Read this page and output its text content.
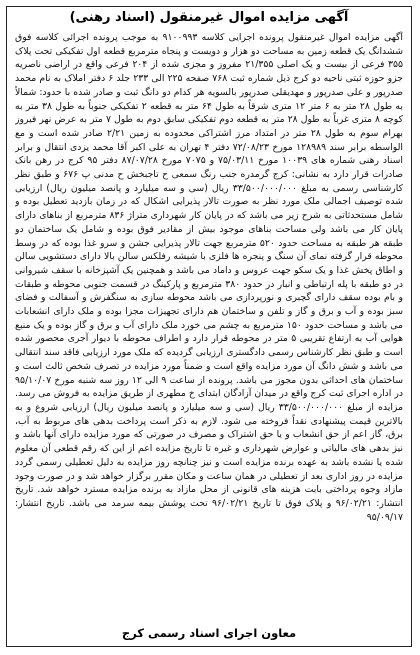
آگهی مزایده اموال غیرمنقول (اسناد رهنی)
آگهی مزایده اموال غیرمنقول پرونده اجرایی کلاسه ۹۱۰۰۹۹۳ به موجب پرونده اجرائی کلاسه فوق ششدانگ یک قطعه زمین به مساحت دو هزار و دویست و پنجاه مترمربع قطعه اول تفکیکی تحت پلاک ۳۵۵ فرعی از بیست و یک اصلی ۲۱/۳۵۵ مفروز و مجزی شده از ۲۰۴ فرعی واقع در اراضی ناصریه جزو حوزه ثبتی ناحیه دو کرج ذیل شماره ثبت ۷۶۸ صفحه ۲۲۵ الی ۲۳۳ جلد ۶ دفتر املاک به نام محمد صدرپور و علی صدرپور و مهدیقلی صدرپور بالسویه هر کدام دو دانگ ثبت و صادر شده با حدود: شمالاً به طول ۲۸ متر به ۶ متر ۱۲ متری شرقاً به طول ۶۴ متر به قطعه ۲ تفکیکی جنوباً به طول ۳۸ متر به کوچه ۸ متری غرباً به طول ۲۸ متر به قطعه دوم تفکیکی سابق دوم به طول ۷ متر به عرض نهر فیروز بهرام سوم به طول ۲۸ متر در امتداد مرز اشتراکی محدوده به زمین ۲/۲۱ صادر شده است و مع الواسطه برابر سند ۱۲۸۹۸۹ مورخ ۷۲/۰۸/۲۳ دفتر ۴ تهران به علی اکبر آقا محمد یزدی انتقال و برابر اسناد رهنی شماره های ۱۰۰۳۹ مورخ ۷۵/۰۳/۱۱ و ۷۰۷۵ مورخ ۸۷/۰۷/۲۸ دفتر ۹۵ کرج در رهن بانک صادرات قرار دارد به نشانی: کرج گرمدره جنب رنگ سمعی ح تاجبخش ح مدنی پ ۶۷۶ و طبق نظر کارشناسی رسمی به مبلغ ۳۳/۵۰۰/۰۰۰/۰۰۰ ریال (سی و سه میلیارد و پانصد میلیون ریال) ارزیابی شده توصیف اجمالی ملک مورد نظر به صورت تالار پذیرایی اشکال که در زمان بازدید تعطیل بوده و شامل مستحدثاتی به شرح زیر می باشد که در پایان کار شهرداری متراژ ۸۳۶ مترمربع از بناهای دارای پایان کار می باشد ولی مساحت بناهای موجود بیش از مقادیر فوق بوده و شامل یک ساختمان دو طبقه هر طبقه به مساحت حدود ۵۲۰ مترمربع جهت تالار پذیرایی جشن و سرو غذا بوده که در وسط محوطه قرار گرفته نمای آن سنگ و پنجره ها فلزی با شیشه رفلکس سالن بالا دارای دستشویی سالن و اطاق پخش غذا و یک سکو جهت عروس و داماد می باشد و همچنین یک آشپزخانه با سقف شیروانی در دو طبقه با پله ارتباطی و انبار در حدود ۳۸۰ مترمربع و پارکینگ در قسمت جنوبی محوطه و طبقات و بام بوده سقف دارای گچبری و نورپردازی می باشد محوطه سازی به سنگفرش و آسفالت و فضای سبز بوده و آب و برق و گاز و تلفن و ساختمان هم دارای تجهیزات مجزا بوده و ملک دارای انشعابات می باشد و مساحت حدود ۱۵۰ مترمربع به چشم می خورد ملک دارای آب و برق و گاز بوده و یک منبع هوایی آب به ارتفاع تقریبی ۵ متر در محوطه قرار دارد و اطراف محوطه با دیوار آجری محصور شده است و طبق نظر کارشناس رسمی دادگستری ارزیابی گردیده که ملک مورد ارزیابی فاقد سند انتقالی می باشد و شش دانگ آن مورد مزایده واقع است و ضمناً مورد مزایده در تصرف شخص ثالث است و ساختمان های احداثی بدون مجوز می باشد. پرونده از ساعت ۹ الی ۱۲ روز سه شنبه مورخ ۹۵/۱۰/۰۷ در اداره اجرای ثبت کرج واقع در میدان آزادگان ابتدای خ مطهری از طریق مزایده به فروش می رسد. مزایده از مبلغ ۳۳/۵۰۰/۰۰۰/۰۰۰ ریال (سی و سه میلیارد و پانصد میلیون ریال) ارزیابی شروع و به بالاترین قیمت پیشنهادی نقداً فروخته می شود. لازم به ذکر است پرداخت بدهی های مربوط به آب، برق، گاز اعم از حق انشعاب و یا حق اشتراک و مصرف در صورتی که مورد مزایده دارای آنها باشد و نیز بدهی های مالیاتی و عوارض شهرداری و غیره تا تاریخ مزایده اعم از این که رقم قطعی آن معلوم شده یا نشده باشد به عهده برنده مزایده است و نیز چنانچه روز مزایده به دلیل تعطیلی رسمی گردد مزایده در روز اداری بعد از تعطیلی در همان ساعت و مکان مقرر برگزار خواهد شد و در صورت وجود مازاد وجوه پرداختی بابت هزینه های قانونی از محل مازاد به برنده مزایده مسترد خواهد شد. تاریخ انتشار: ۹۶/۰۲/۲۱ و پلاک فوق تا تاریخ ۹۶/۰۲/۲۱ تحت پوشش بیمه سرمد می باشد. تاریخ انتشار: ۹۵/۰۹/۱۷
معاون اجرای اسناد رسمی کرج
